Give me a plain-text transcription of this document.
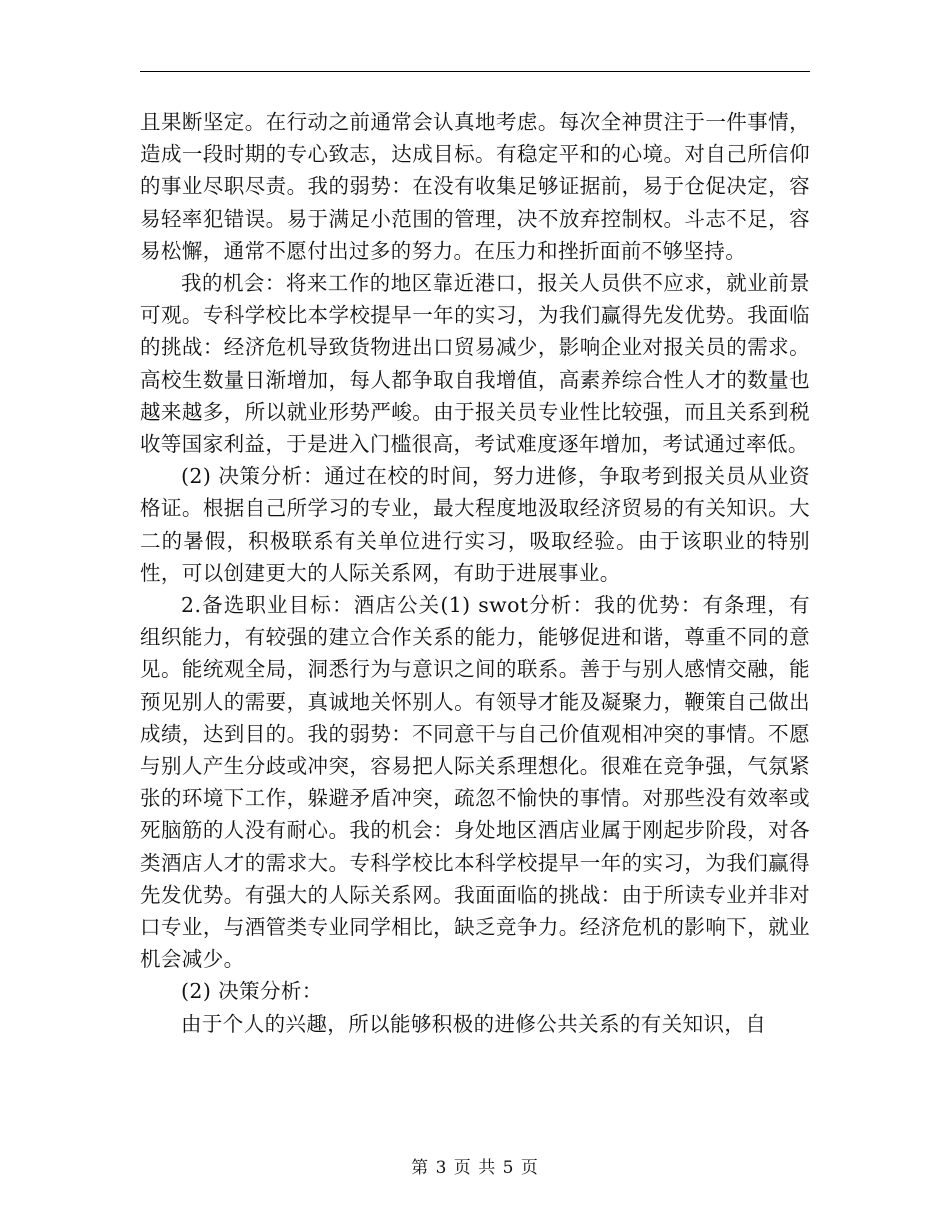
且果断坚定。在行动之前通常会认真地考虑。每次全神贯注于一件事情，造成一段时期的专心致志，达成目标。有稳定平和的心境。对自己所信仰的事业尽职尽责。我的弱势：在没有收集足够证据前，易于仓促决定，容易轻率犯错误。易于满足小范围的管理，决不放弃控制权。斗志不足，容易松懈，通常不愿付出过多的努力。在压力和挫折面前不够坚持。

我的机会：将来工作的地区靠近港口，报关人员供不应求，就业前景可观。专科学校比本学校提早一年的实习，为我们赢得先发优势。我面临的挑战：经济危机导致货物进出口贸易减少，影响企业对报关员的需求。高校生数量日渐增加，每人都争取自我增值，高素养综合性人才的数量也越来越多，所以就业形势严峻。由于报关员专业性比较强，而且关系到税收等国家利益，于是进入门槛很高，考试难度逐年增加，考试通过率低。

(2) 决策分析：通过在校的时间，努力进修，争取考到报关员从业资格证。根据自己所学习的专业，最大程度地汲取经济贸易的有关知识。大二的暑假，积极联系有关单位进行实习，吸取经验。由于该职业的特别性，可以创建更大的人际关系网，有助于进展事业。

2.备选职业目标：酒店公关(1) swot分析：我的优势：有条理，有组织能力，有较强的建立合作关系的能力，能够促进和谐，尊重不同的意见。能统观全局，洞悉行为与意识之间的联系。善于与别人感情交融，能预见别人的需要，真诚地关怀别人。有领导才能及凝聚力，鞭策自己做出成绩，达到目的。我的弱势：不同意干与自己价值观相冲突的事情。不愿与别人产生分歧或冲突，容易把人际关系理想化。很难在竞争强，气氛紧张的环境下工作，躲避矛盾冲突，疏忽不愉快的事情。对那些没有效率或死脑筋的人没有耐心。我的机会：身处地区酒店业属于刚起步阶段，对各类酒店人才的需求大。专科学校比本科学校提早一年的实习，为我们赢得先发优势。有强大的人际关系网。我面面临的挑战：由于所读专业并非对口专业，与酒管类专业同学相比，缺乏竞争力。经济危机的影响下，就业机会减少。

(2) 决策分析：

由于个人的兴趣，所以能够积极的进修公共关系的有关知识，自

第 3 页 共 5 页
